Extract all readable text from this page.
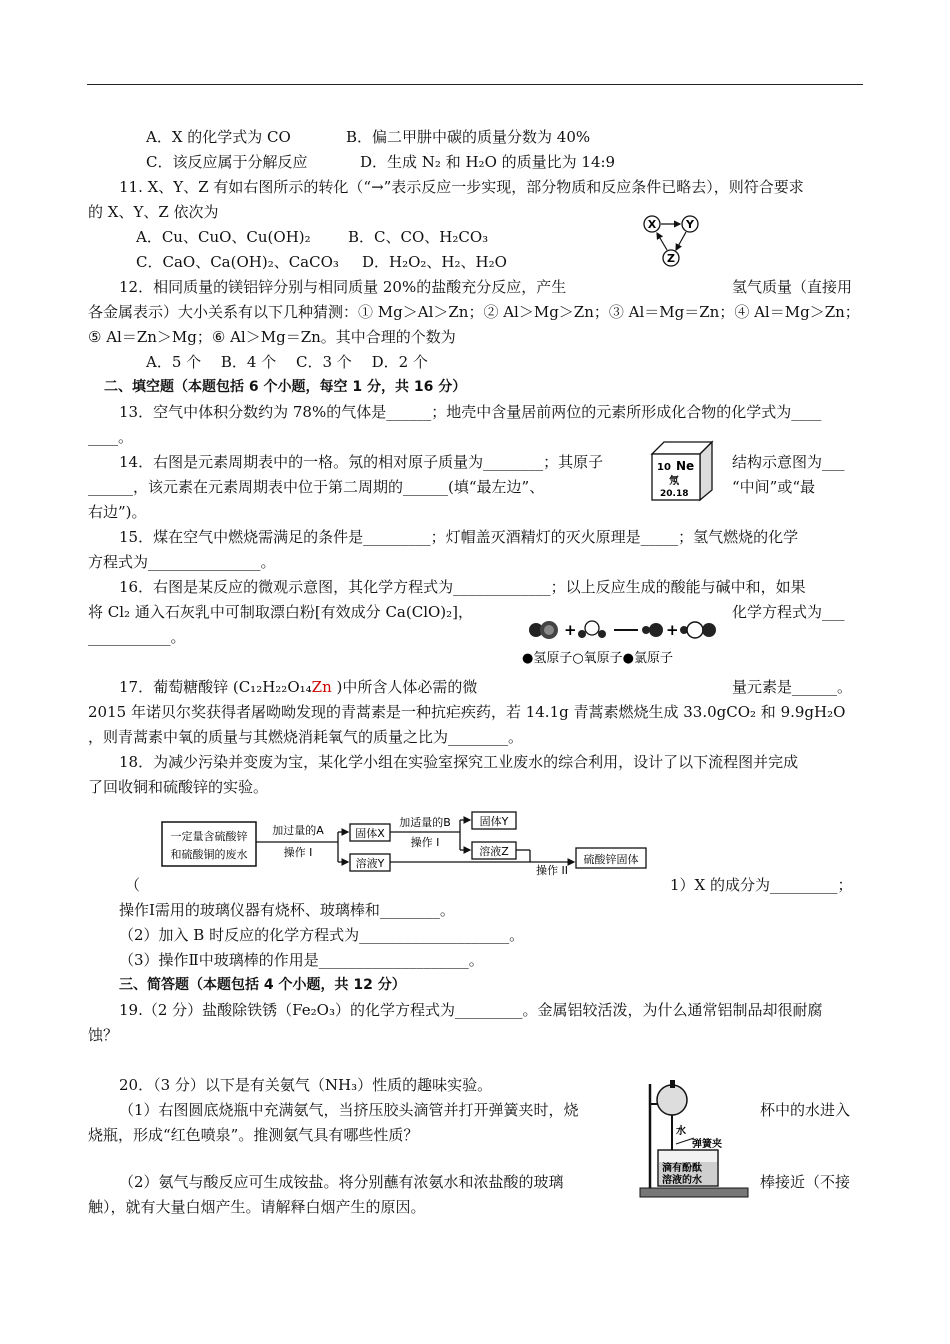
A．X 的化学式为 CO	B．偏二甲肼中碳的质量分数为 40%
C．该反应属于分解反应	D．生成 N₂ 和 H₂O 的质量比为 14:9
11. X、Y、Z 有如右图所示的转化（“→”表示反应一步实现，部分物质和反应条件已略去），则符合要求
的 X、Y、Z 依次为
A．Cu、CuO、Cu(OH)₂ B．C、CO、H₂CO₃
C．CaO、Ca(OH)₂、CaCO₃ D．H₂O₂、H₂、H₂O
X	Y
Z
12．相同质量的镁铝锌分别与相同质量 20%的盐酸充分反应，产生	氢气质量（直接用
各金属表示）大小关系有以下几种猜测：① Mg＞Al＞Zn；② Al＞Mg＞Zn；③ Al＝Mg＝Zn；④ Al＝Mg＞Zn；
⑤ Al＝Zn＞Mg；⑥ Al＞Mg＝Zn。其中合理的个数为
A．5 个　 B．4 个　 C．3 个　 D．2 个
二、填空题（本题包括 6 个小题，每空 1 分，共 16 分）
13．空气中体积分数约为 78%的气体是______；地壳中含量居前两位的元素所形成化合物的化学式为____
____。
14．右图是元素周期表中的一格。氖的相对原子质量为________；其原子	结构示意图为___
______，该元素在元素周期表中位于第二周期的______(填“最左边”、	“中间”或“最
右边”)。
10 Ne
氖
20.18
15．煤在空气中燃烧需满足的条件是_________；灯帽盖灭酒精灯的灭火原理是_____；氢气燃烧的化学
方程式为_______________。
16．右图是某反应的微观示意图，其化学方程式为_____________；以上反应生成的酸能与碱中和，如果
将 Cl₂ 通入石灰乳中可制取漂白粉[有效成分 Ca(ClO)₂]，	化学方程式为___
___________。	+	+
●氢原子○氧原子●氯原子
17．葡萄糖酸锌 (C₁₂H₂₂O₁₄Zn )中所含人体必需的微	量元素是______。
2015 年诺贝尔奖获得者屠呦呦发现的青蒿素是一种抗疟疾药，若 14.1g 青蒿素燃烧生成 33.0gCO₂ 和 9.9gH₂O
，则青蒿素中氧的质量与其燃烧消耗氧气的质量之比为________。
18．为减少污染并变废为宝，某化学小组在实验室探究工业废水的综合利用，设计了以下流程图并完成
了回收铜和硫酸锌的实验。
一定量含硫酸锌
和硫酸铜的废水
加过量的A
操作 I
固体X
溶液Y
加适量的B
操作 I
固体Y
溶液Z
操作 II
硫酸锌固体
（	1）X 的成分为_________；
操作Ⅰ需用的玻璃仪器有烧杯、玻璃棒和________。
（2）加入 B 时反应的化学方程式为____________________。
（3）操作Ⅱ中玻璃棒的作用是____________________。
三、简答题（本题包括 4 个小题，共 12 分）
19.（2 分）盐酸除铁锈（Fe₂O₃）的化学方程式为_________。金属铝较活泼，为什么通常铝制品却很耐腐
蚀？
20．（3 分）以下是有关氨气（NH₃）性质的趣味实验。
（1）右图圆底烧瓶中充满氨气，当挤压胶头滴管并打开弹簧夹时，烧	杯中的水进入
烧瓶，形成“红色喷泉”。推测氨气具有哪些性质？
（2）氨气与酸反应可生成铵盐。将分别蘸有浓氨水和浓盐酸的玻璃	棒接近（不接
触），就有大量白烟产生。请解释白烟产生的原因。
水
弹簧夹
滴有酚酞
溶液的水
